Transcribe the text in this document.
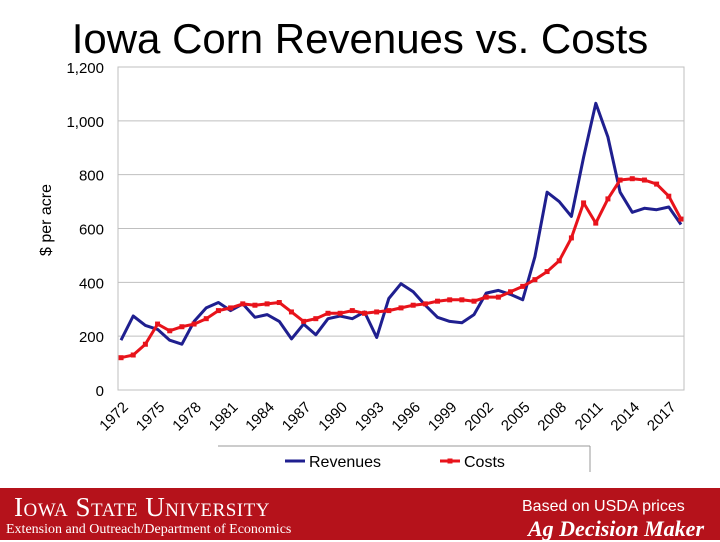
Iowa Corn Revenues vs. Costs
0
200
400
600
800
1,000
1,200
1972 1975 1978 1981 1984 1987 1990 1993 1996 1999 2002 2005 2008 2011 2014 2017
$ per acre
Revenues	Costs
Iowa State University
Extension and Outreach/Department of Economics
Based on USDA prices
Ag Decision Maker
